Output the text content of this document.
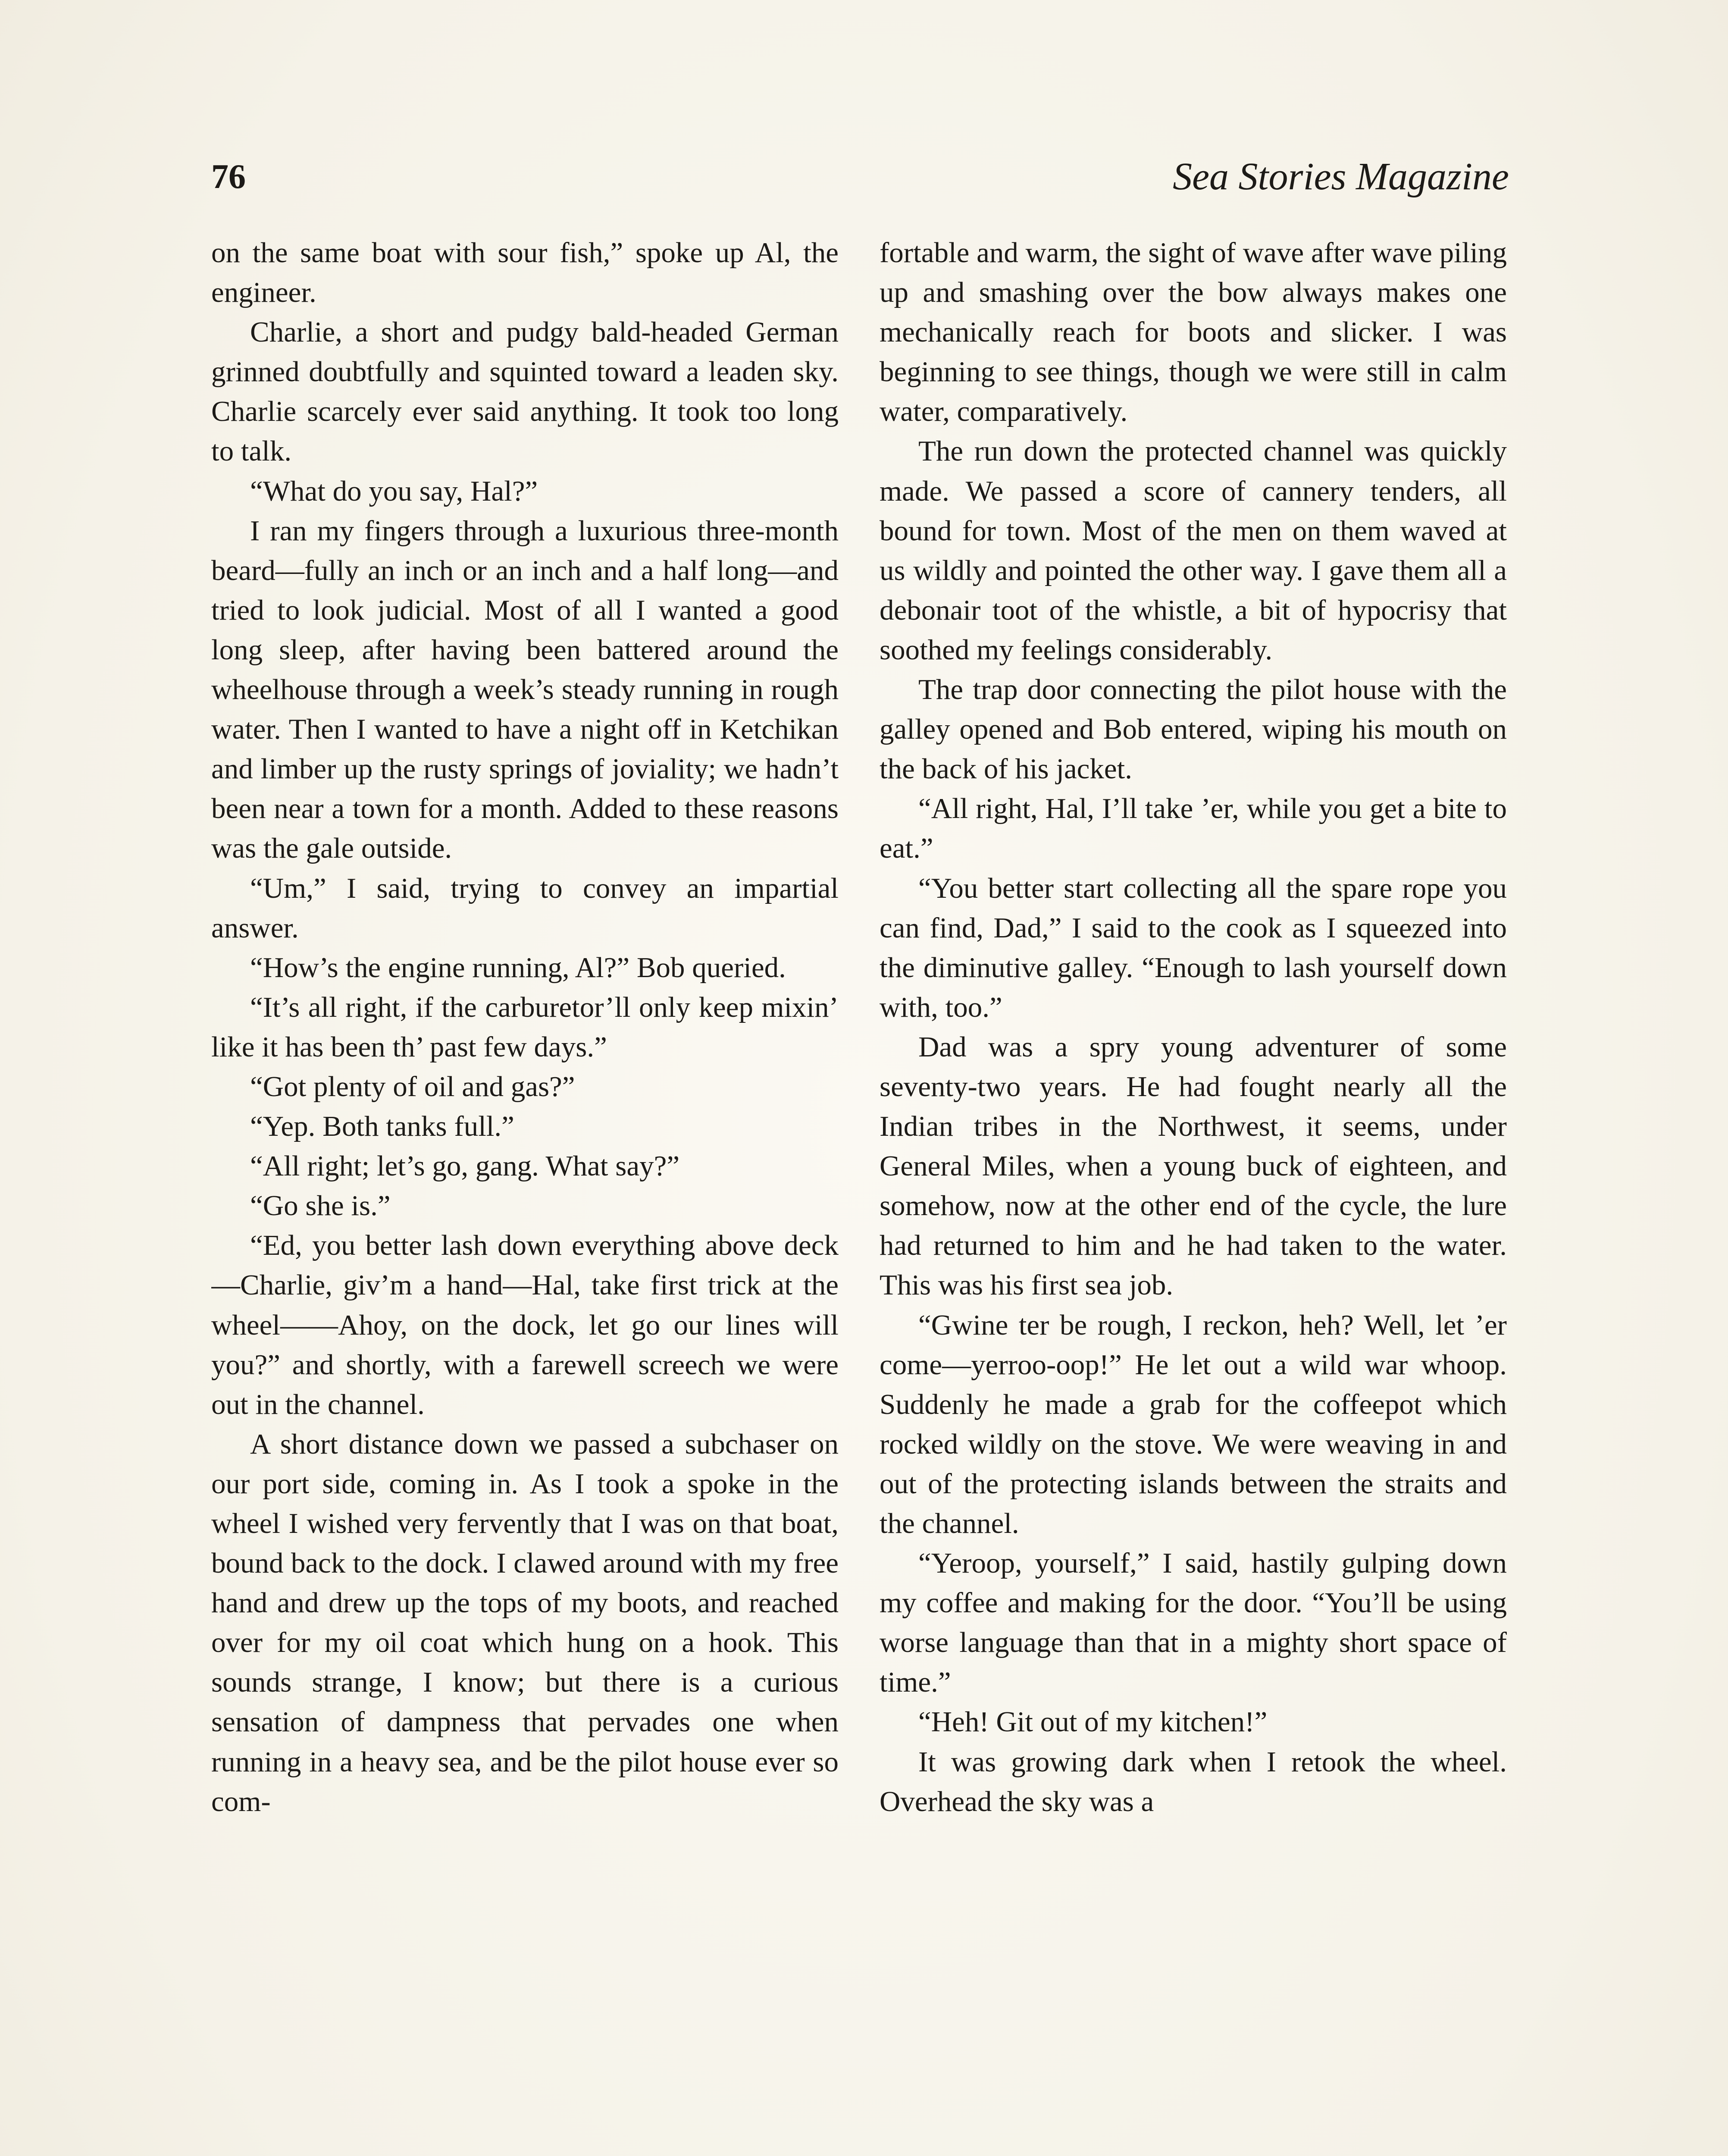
76	Sea Stories Magazine

on the same boat with sour fish,” spoke up Al, the engineer.

Charlie, a short and pudgy bald-headed German grinned doubtfully and squinted toward a leaden sky. Charlie scarcely ever said anything. It took too long to talk.

“What do you say, Hal?”

I ran my fingers through a luxurious three-month beard—fully an inch or an inch and a half long—and tried to look judicial. Most of all I wanted a good long sleep, after having been battered around the wheelhouse through a week’s steady running in rough water. Then I wanted to have a night off in Ketchikan and limber up the rusty springs of joviality; we hadn’t been near a town for a month. Added to these reasons was the gale outside.

“Um,” I said, trying to convey an impartial answer.

“How’s the engine running, Al?” Bob queried.

“It’s all right, if the carburetor’ll only keep mixin’ like it has been th’ past few days.”

“Got plenty of oil and gas?”

“Yep. Both tanks full.”

“All right; let’s go, gang. What say?”

“Go she is.”

“Ed, you better lash down everything above deck—Charlie, giv’m a hand—Hal, take first trick at the wheel——Ahoy, on the dock, let go our lines will you?” and shortly, with a farewell screech we were out in the channel.

A short distance down we passed a subchaser on our port side, coming in. As I took a spoke in the wheel I wished very fervently that I was on that boat, bound back to the dock. I clawed around with my free hand and drew up the tops of my boots, and reached over for my oil coat which hung on a hook. This sounds strange, I know; but there is a curious sensation of dampness that pervades one when running in a heavy sea, and be the pilot house ever so com-

fortable and warm, the sight of wave after wave piling up and smashing over the bow always makes one mechanically reach for boots and slicker. I was beginning to see things, though we were still in calm water, comparatively.

The run down the protected channel was quickly made. We passed a score of cannery tenders, all bound for town. Most of the men on them waved at us wildly and pointed the other way. I gave them all a debonair toot of the whistle, a bit of hypocrisy that soothed my feelings considerably.

The trap door connecting the pilot house with the galley opened and Bob entered, wiping his mouth on the back of his jacket.

“All right, Hal, I’ll take ’er, while you get a bite to eat.”

“You better start collecting all the spare rope you can find, Dad,” I said to the cook as I squeezed into the diminutive galley. “Enough to lash yourself down with, too.”

Dad was a spry young adventurer of some seventy-two years. He had fought nearly all the Indian tribes in the Northwest, it seems, under General Miles, when a young buck of eighteen, and somehow, now at the other end of the cycle, the lure had returned to him and he had taken to the water. This was his first sea job.

“Gwine ter be rough, I reckon, heh? Well, let ’er come—yerroo-oop!” He let out a wild war whoop. Suddenly he made a grab for the coffeepot which rocked wildly on the stove. We were weaving in and out of the protecting islands between the straits and the channel.

“Yeroop, yourself,” I said, hastily gulping down my coffee and making for the door. “You’ll be using worse language than that in a mighty short space of time.”

“Heh! Git out of my kitchen!”

It was growing dark when I retook the wheel. Overhead the sky was a
